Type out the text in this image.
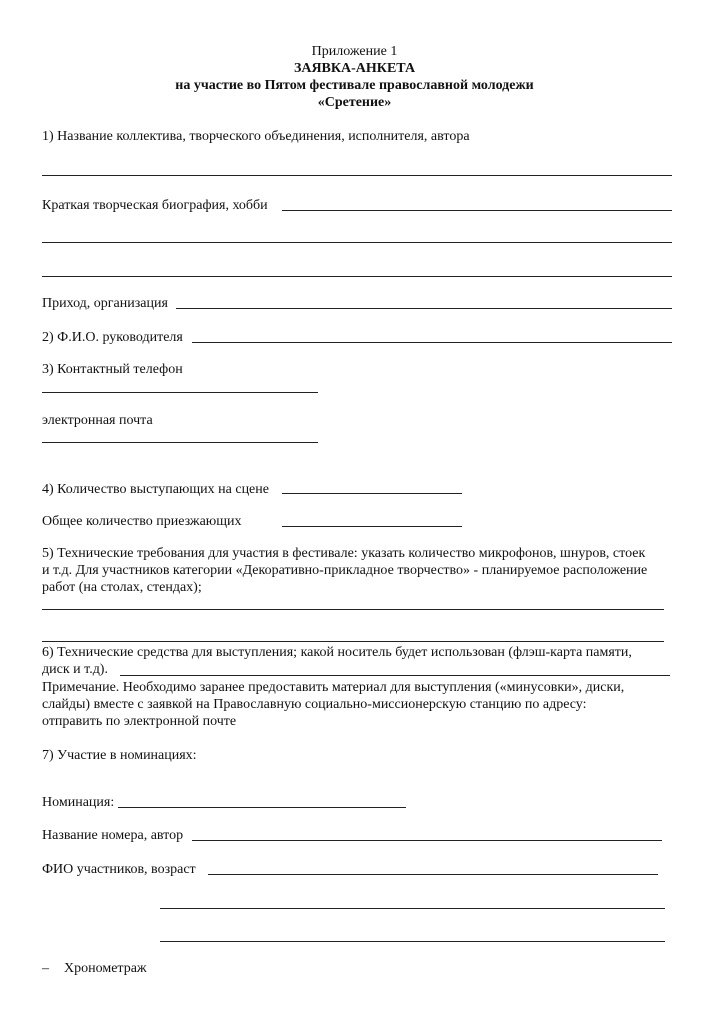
Приложение 1
ЗАЯВКА-АНКЕТА
на участие во Пятом фестивале православной молодежи
«Сретение»
1) Название коллектива, творческого объединения, исполнителя, автора
Краткая творческая биография, хобби
Приход, организация
2) Ф.И.О. руководителя
3) Контактный телефон
электронная почта
4) Количество выступающих на сцене
Общее количество приезжающих
5) Технические требования для участия в фестивале: указать количество микрофонов, шнуров, стоек
и т.д. Для участников категории «Декоративно-прикладное творчество» - планируемое расположение
работ (на столах, стендах);
6) Технические средства для выступления; какой носитель будет использован (флэш-карта памяти,
диск и т.д).
Примечание. Необходимо заранее предоставить материал для выступления («минусовки», диски,
слайды) вместе с заявкой на Православную социально-миссионерскую станцию по адресу:
отправить по электронной почте
7) Участие в номинациях:
Номинация:
Название номера, автор
ФИО участников, возраст
– Хронометраж
